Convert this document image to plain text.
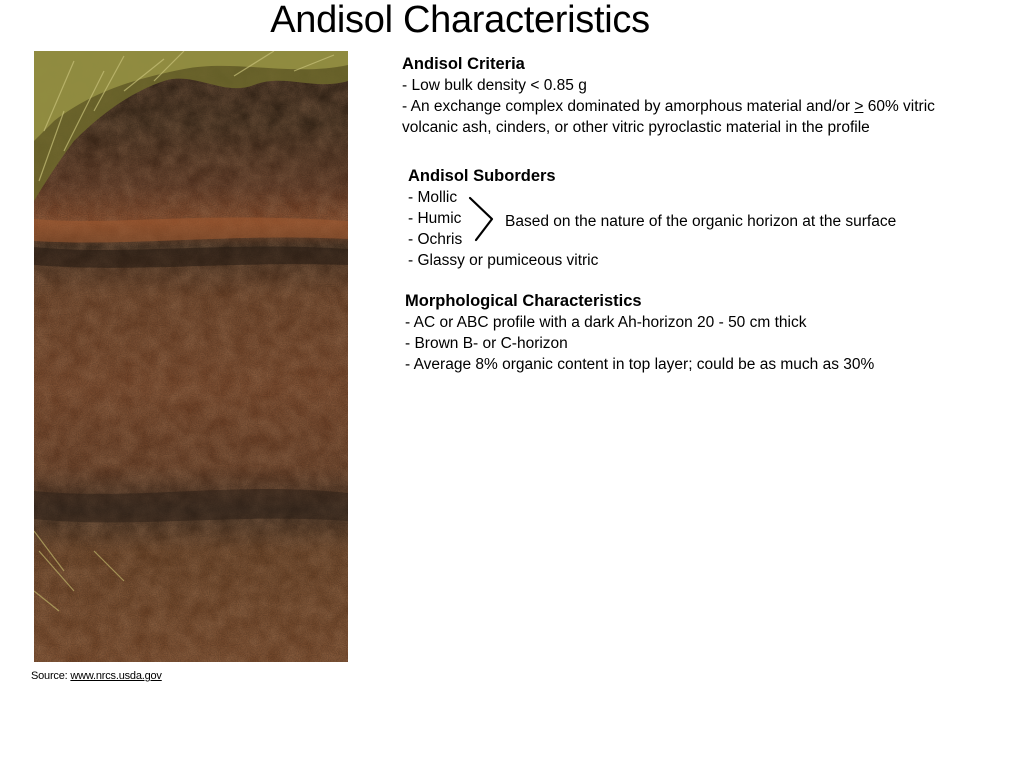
Andisol Characteristics
Source: www.nrcs.usda.gov
Andisol Criteria
- Low bulk density < 0.85 g
- An exchange complex dominated by amorphous material and/or ≥ 60% vitric
volcanic ash, cinders, or other vitric pyroclastic material in the profile
Andisol Suborders
- Mollic
- Humic
- Ochris
- Glassy or pumiceous vitric
Based on the nature of the organic horizon at the surface
Morphological Characteristics
- AC or ABC profile with a dark Ah-horizon 20 - 50 cm thick
- Brown B- or C-horizon
- Average 8% organic content in top layer; could be as much as 30%
